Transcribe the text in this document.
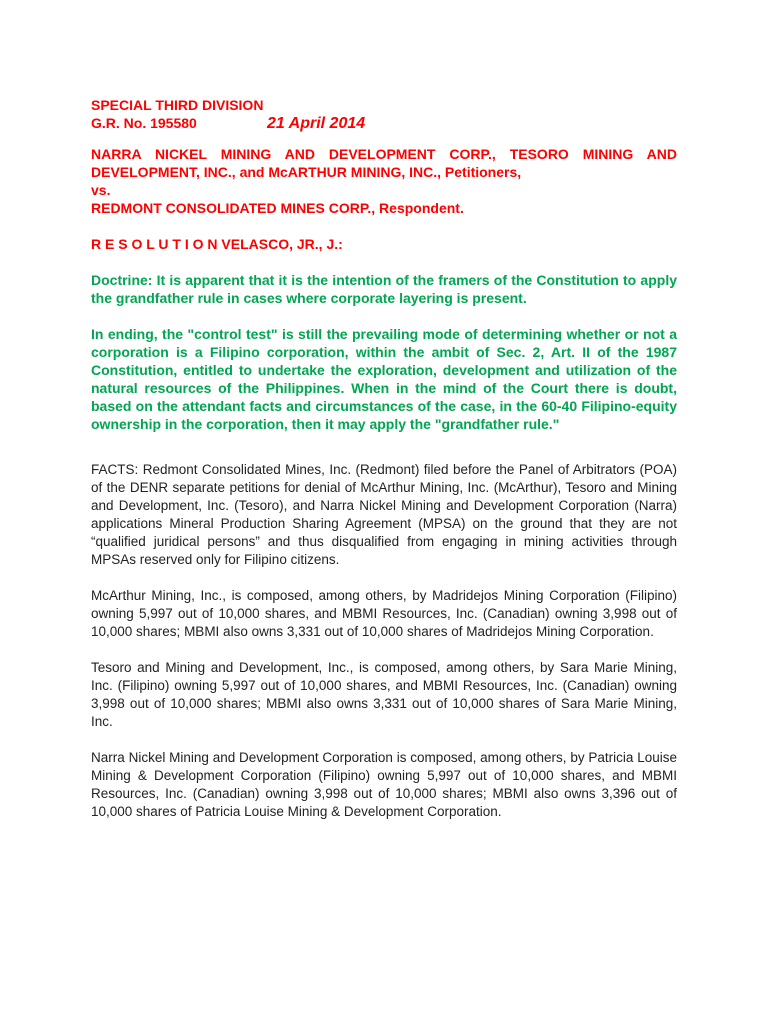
SPECIAL THIRD DIVISION
G.R. No. 195580	21 April 2014

NARRA NICKEL MINING AND DEVELOPMENT CORP., TESORO MINING AND DEVELOPMENT, INC., and McARTHUR MINING, INC., Petitioners,

vs.

REDMONT CONSOLIDATED MINES CORP., Respondent.

R E S O L U T I O N VELASCO, JR., J.:

Doctrine: It is apparent that it is the intention of the framers of the Constitution to apply the grandfather rule in cases where corporate layering is present.

In ending, the "control test" is still the prevailing mode of determining whether or not a corporation is a Filipino corporation, within the ambit of Sec. 2, Art. II of the 1987 Constitution, entitled to undertake the exploration, development and utilization of the natural resources of the Philippines. When in the mind of the Court there is doubt, based on the attendant facts and circumstances of the case, in the 60-40 Filipino-equity ownership in the corporation, then it may apply the "grandfather rule."

FACTS: Redmont Consolidated Mines, Inc. (Redmont) filed before the Panel of Arbitrators (POA) of the DENR separate petitions for denial of McArthur Mining, Inc. (McArthur), Tesoro and Mining and Development, Inc. (Tesoro), and Narra Nickel Mining and Development Corporation (Narra) applications Mineral Production Sharing Agreement (MPSA) on the ground that they are not “qualified juridical persons” and thus disqualified from engaging in mining activities through MPSAs reserved only for Filipino citizens.

McArthur Mining, Inc., is composed, among others, by Madridejos Mining Corporation (Filipino) owning 5,997 out of 10,000 shares, and MBMI Resources, Inc. (Canadian) owning 3,998 out of 10,000 shares; MBMI also owns 3,331 out of 10,000 shares of Madridejos Mining Corporation.

Tesoro and Mining and Development, Inc., is composed, among others, by Sara Marie Mining, Inc. (Filipino) owning 5,997 out of 10,000 shares, and MBMI Resources, Inc. (Canadian) owning 3,998 out of 10,000 shares; MBMI also owns 3,331 out of 10,000 shares of Sara Marie Mining, Inc.

Narra Nickel Mining and Development Corporation is composed, among others, by Patricia Louise Mining & Development Corporation (Filipino) owning 5,997 out of 10,000 shares, and MBMI Resources, Inc. (Canadian) owning 3,998 out of 10,000 shares; MBMI also owns 3,396 out of 10,000 shares of Patricia Louise Mining & Development Corporation.
